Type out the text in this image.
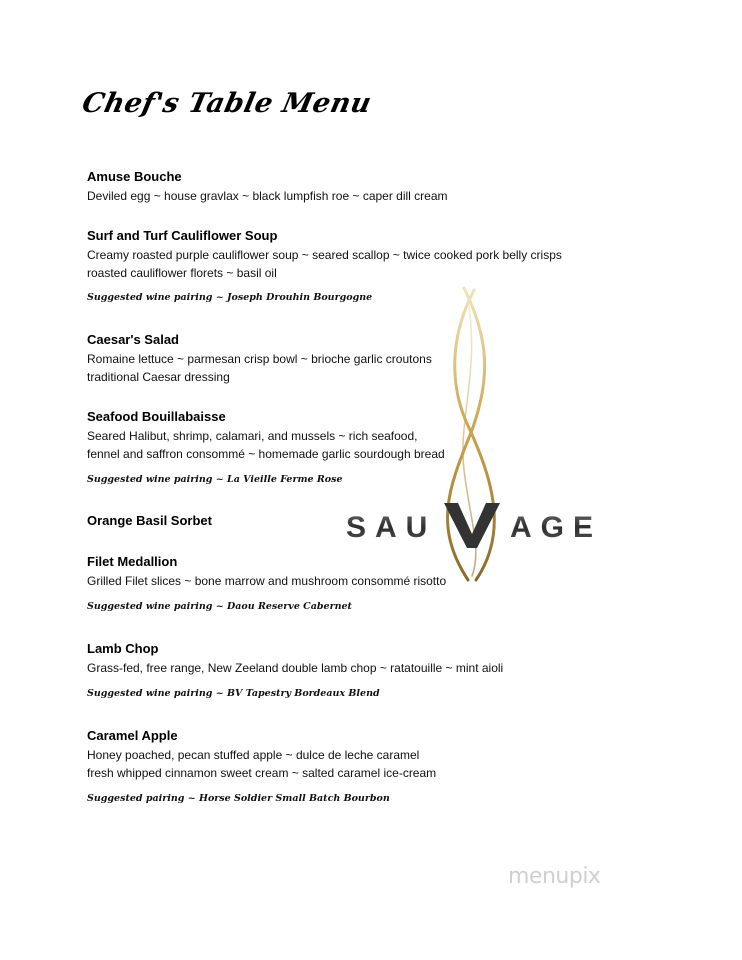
Chef's Table Menu
SAU AGE
Amuse Bouche
Deviled egg ~ house gravlax ~ black lumpfish roe ~ caper dill cream
Surf and Turf Cauliflower Soup
Creamy roasted purple cauliflower soup ~ seared scallop ~ twice cooked pork belly crisps
roasted cauliflower florets ~ basil oil
Suggested wine pairing ~ Joseph Drouhin Bourgogne
Caesar's Salad
Romaine lettuce ~ parmesan crisp bowl ~ brioche garlic croutons
traditional Caesar dressing
Seafood Bouillabaisse
Seared Halibut, shrimp, calamari, and mussels ~ rich seafood,
fennel and saffron consommé ~ homemade garlic sourdough bread
Suggested wine pairing ~ La Vieille Ferme Rose
Orange Basil Sorbet
Filet Medallion
Grilled Filet slices ~ bone marrow and mushroom consommé risotto
Suggested wine pairing ~ Daou Reserve Cabernet
Lamb Chop
Grass-fed, free range, New Zeeland double lamb chop ~ ratatouille ~ mint aioli
Suggested wine pairing ~ BV Tapestry Bordeaux Blend
Caramel Apple
Honey poached, pecan stuffed apple ~ dulce de leche caramel
fresh whipped cinnamon sweet cream ~ salted caramel ice-cream
Suggested pairing ~ Horse Soldier Small Batch Bourbon
menupix
